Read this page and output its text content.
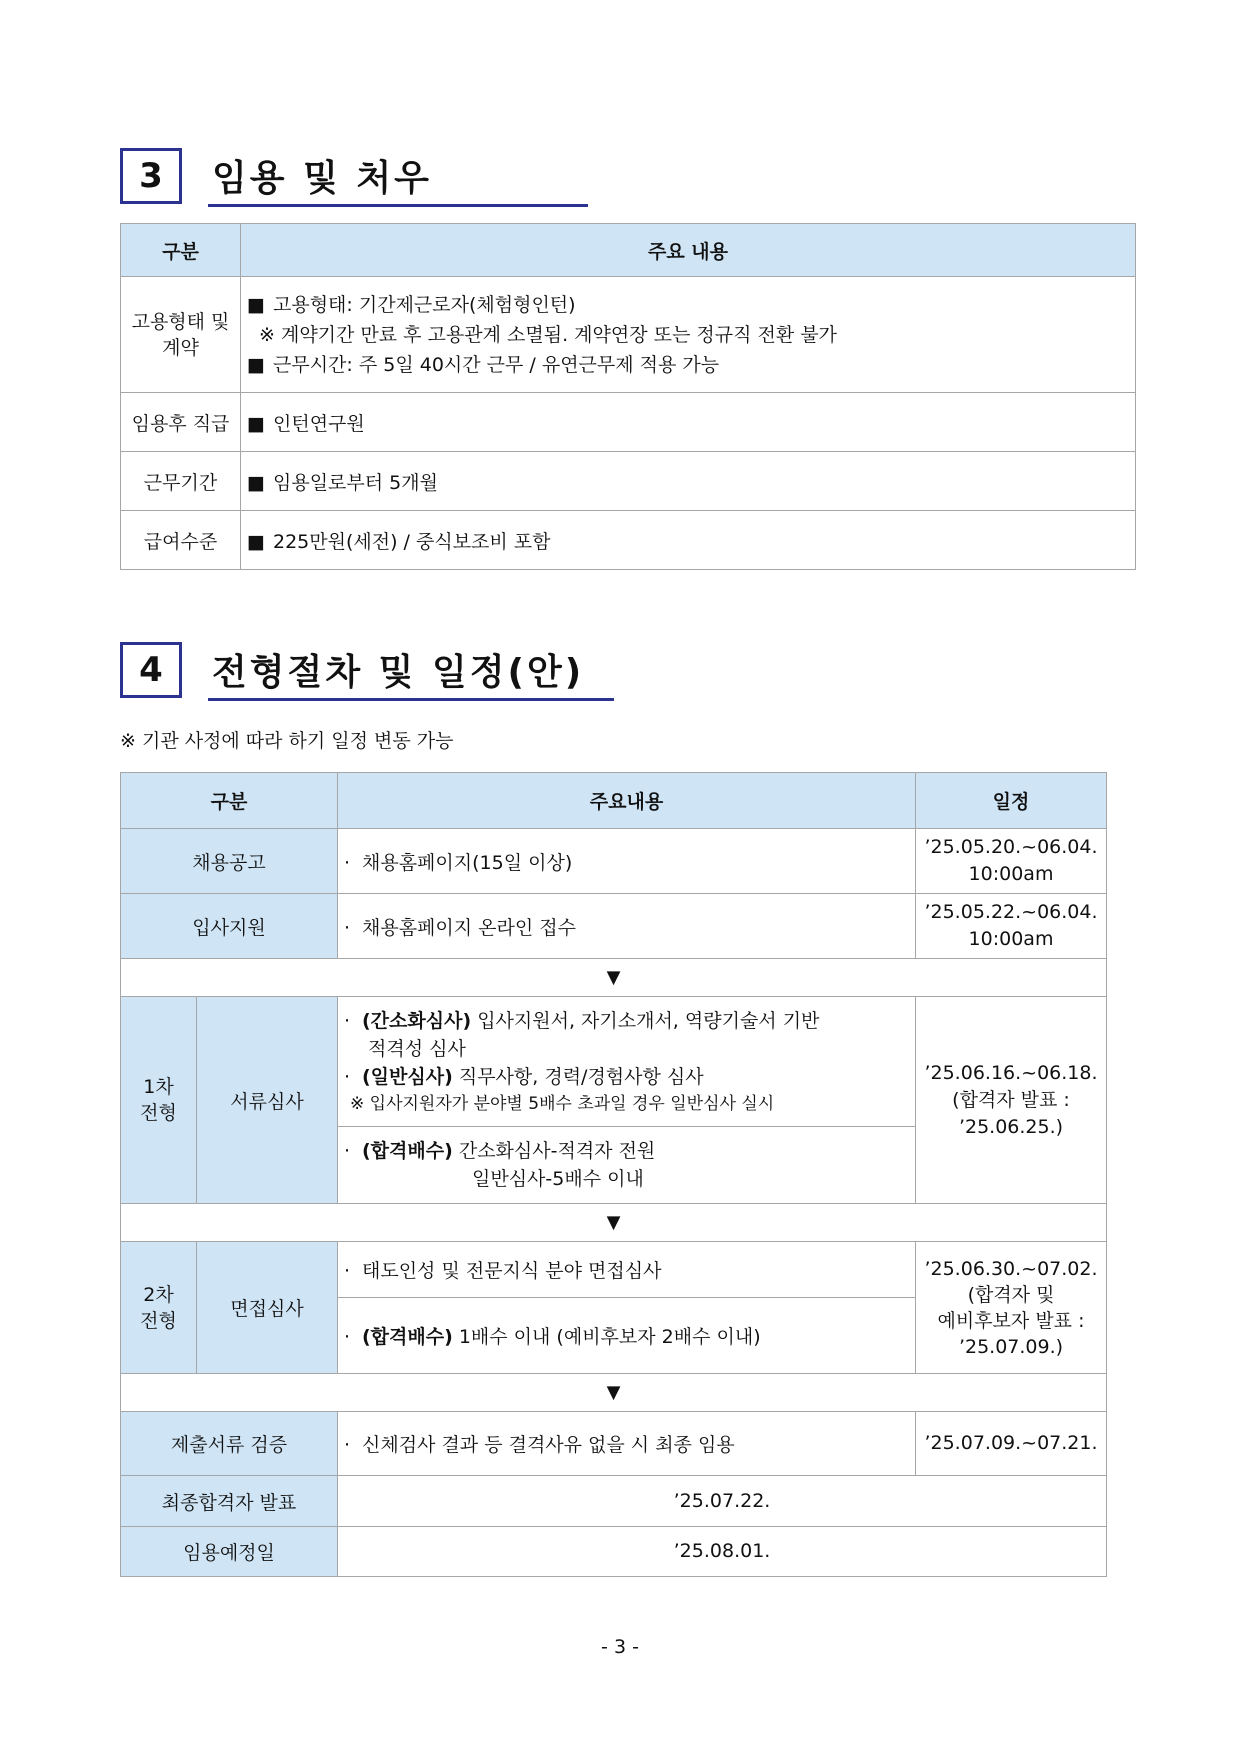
3	임용 및 처우
구분	주요 내용

고용형태 및
계약	■ 고용형태: 기간제근로자(체험형인턴)
※ 계약기간 만료 후 고용관계 소멸됨. 계약연장 또는 정규직 전환 불가
■ 근무시간: 주 5일 40시간 근무 / 유연근무제 적용 가능

임용후 직급	■ 인턴연구원
근무기간	■ 임용일로부터 5개월
급여수준	■ 225만원(세전) / 중식보조비 포함
4	전형절차 및 일정(안)
※ 기관 사정에 따라 하기 일정 변동 가능
구분		주요내용	일정
채용공고		· 채용홈페이지(15일 이상)	’25.05.20.~06.04.
10:00am

입사지원		· 채용홈페이지 온라인 접수	’25.05.22.~06.04.
10:00am

▼			

1차
전형	서류심사	· (간소화심사) 입사지원서, 자기소개서, 역량기술서 기반
적격성 심사
· (일반심사) 직무사항, 경력/경험사항 심사
※ 입사지원자가 분야별 5배수 초과일 경우 일반심사 실시	’25.06.16.~06.18.
(합격자 발표 :
’25.06.25.)

		· (합격배수) 간소화심사-적격자 전원
일반심사-5배수 이내	

▼			

2차
전형	면접심사	· 태도인성 및 전문지식 분야 면접심사	’25.06.30.~07.02.
(합격자 및
예비후보자 발표 :
’25.07.09.)

		· (합격배수) 1배수 이내 (예비후보자 2배수 이내)	
▼			
제출서류 검증		· 신체검사 결과 등 결격사유 없을 시 최종 임용	’25.07.09.~07.21.
최종합격자 발표		’25.07.22.	
임용예정일		’25.08.01.	
- 3 -
